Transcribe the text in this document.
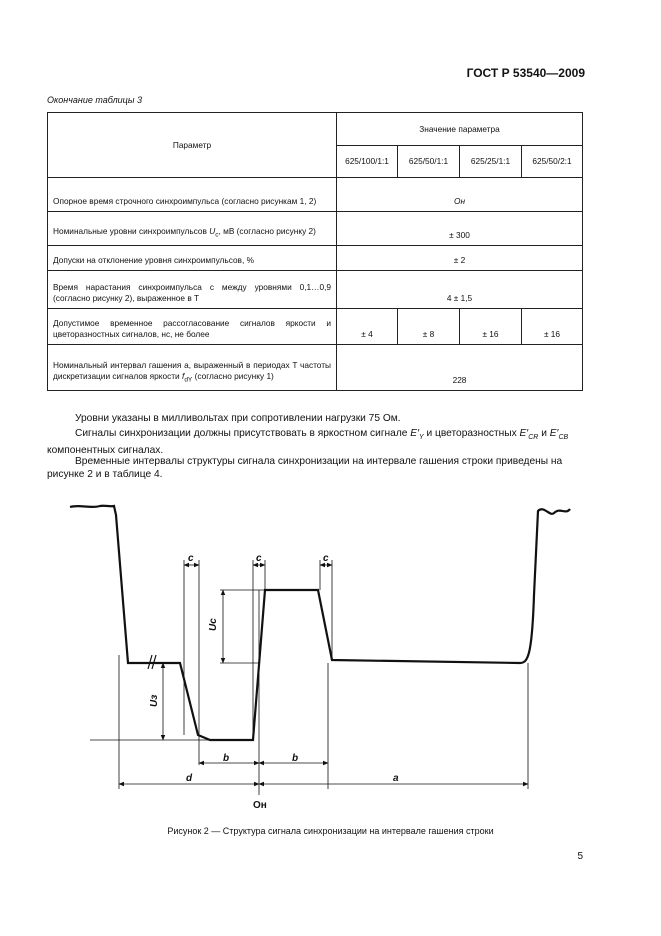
ГОСТ Р 53540—2009
Окончание таблицы 3
Параметр	Значение параметра			
	625/100/1:1	625/50/1:1	625/25/1:1	625/50/2:1
Опорное время строчного синхроимпульса (согласно рисункам 1, 2)	Oн			
Номинальные уровни синхроимпульсов $U_с$, мВ (согласно рисунку 2)	± 300			
Допуски на отклонение уровня синхроимпульсов, %	± 2			
Время нарастания синхроимпульса c между уровнями 0,1…0,9 (согласно рисунку 2), выраженное в T	4 ± 1,5			
Допустимое временное рассогласование сигналов яркости и цветоразностных сигналов, нс, не более	± 4	± 8	± 16	± 16
Номинальный интервал гашения a, выраженный в периодах T частоты дискретизации сигналов яркости $f_{dY}$ (согласно рисунку 1)	228			
Уровни указаны в милливольтах при сопротивлении нагрузки 75 Ом.
Сигналы синхронизации должны присутствовать в яркостном сигнале $E'_Y$ и цветоразностных $E'_{CR}$ и $E'_{CB}$ компонентных сигналах.
Временные интервалы структуры сигнала синхронизации на интервале гашения строки приведены на рисунке 2 и в таблице 4.
c	c	c
Uс
Uз
d
b	b
a
Oн
Рисунок 2 — Структура сигнала синхронизации на интервале гашения строки
5
